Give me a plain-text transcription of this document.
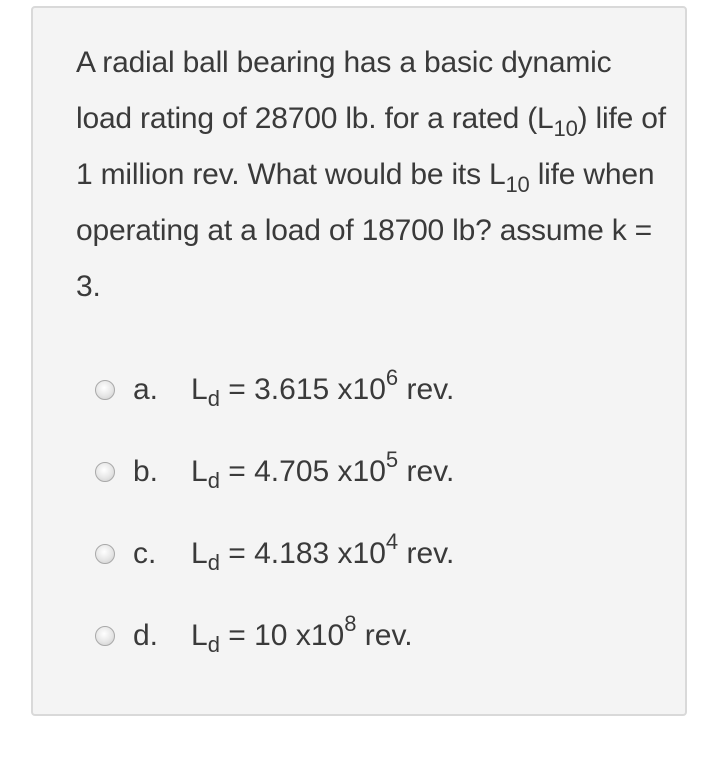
A radial ball bearing has a basic dynamic load rating of 28700 lb. for a rated $(L_{10})$ life of 1 million rev. What would be its $L_{10}$ life when operating at a load of 18700 lb? assume k = 3.
a.	$L_d = 3.615$ $x10^6$ rev.
b.	$L_d = 4.705$ $x10^5$ rev.
c.	$L_d = 4.183$ $x10^4$ rev.
d.	$L_d = 10$ $x10^8$ rev.
